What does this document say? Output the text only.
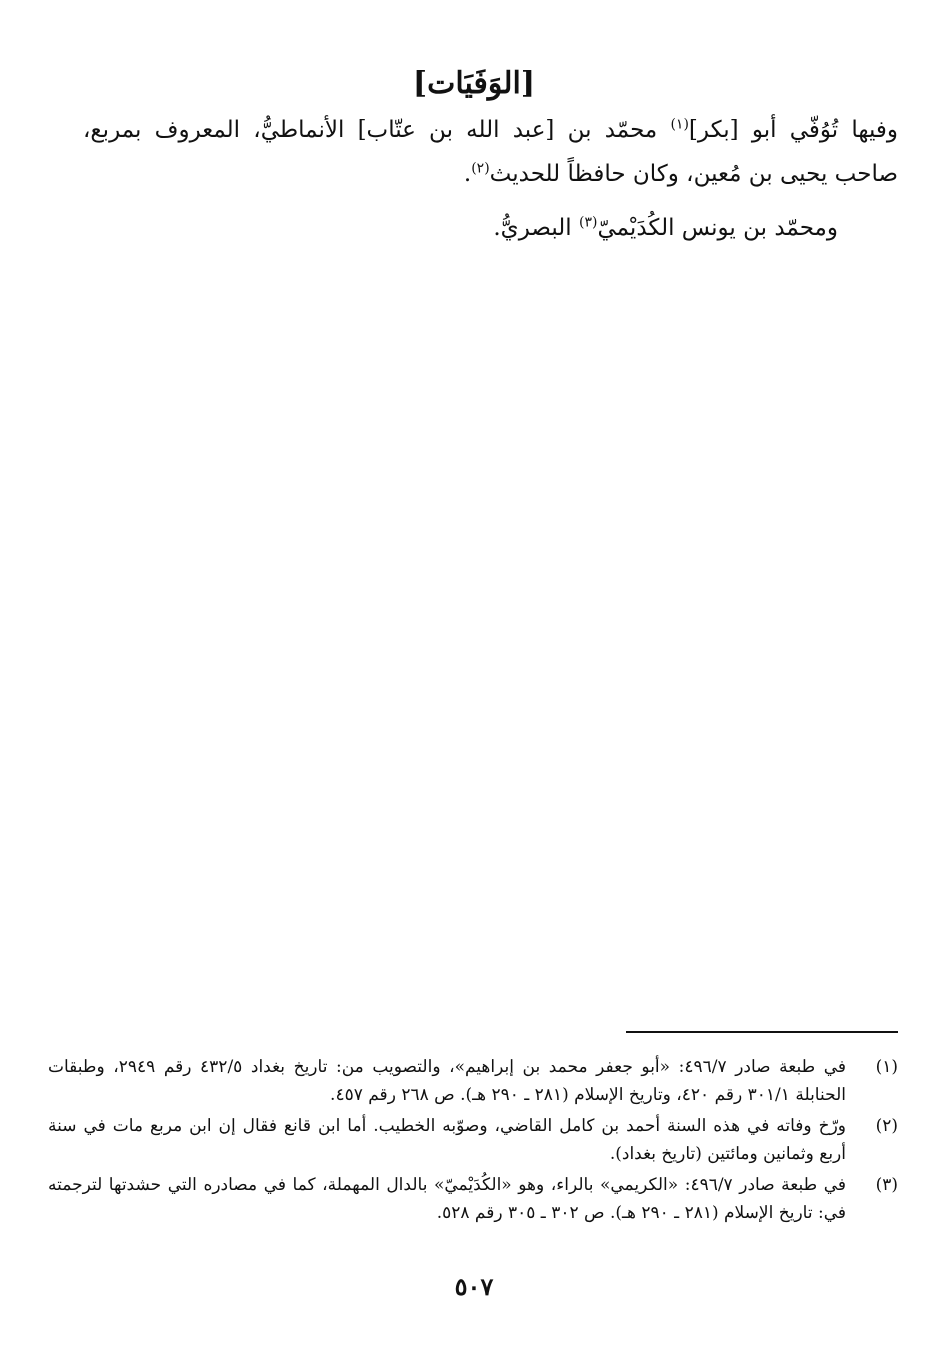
[الوَفَيَات]

وفيها تُوُفّي أبو [بكر]$^{(١)}$ محمّد بن [عبد الله بن عتّاب] الأنماطيُّ، المعروف بمربع، صاحب يحيى بن مُعين، وكان حافظاً للحديث$^{(٢)}$.

ومحمّد بن يونس الكُدَيْميّ$^{(٣)}$ البصريُّ.

(١)
في طبعة صادر ٤٩٦/٧: «أبو جعفر محمد بن إبراهيم»، والتصويب من: تاريخ بغداد ٤٣٢/٥ رقم ٢٩٤٩، وطبقات الحنابلة ٣٠١/١ رقم ٤٢٠، وتاريخ الإسلام (٢٨١ ـ ٢٩٠ هـ). ص ٢٦٨ رقم ٤٥٧.
(٢)
ورّخ وفاته في هذه السنة أحمد بن كامل القاضي، وصوّبه الخطيب. أما ابن قانع فقال إن ابن مربع مات في سنة أربع وثمانين ومائتين (تاريخ بغداد).
(٣)
في طبعة صادر ٤٩٦/٧: «الكريمي» بالراء، وهو «الكُدَيْميّ» بالدال المهملة، كما في مصادره التي حشدتها لترجمته في: تاريخ الإسلام (٢٨١ ـ ٢٩٠ هـ). ص ٣٠٢ ـ ٣٠٥ رقم ٥٢٨.
٥٠٧
